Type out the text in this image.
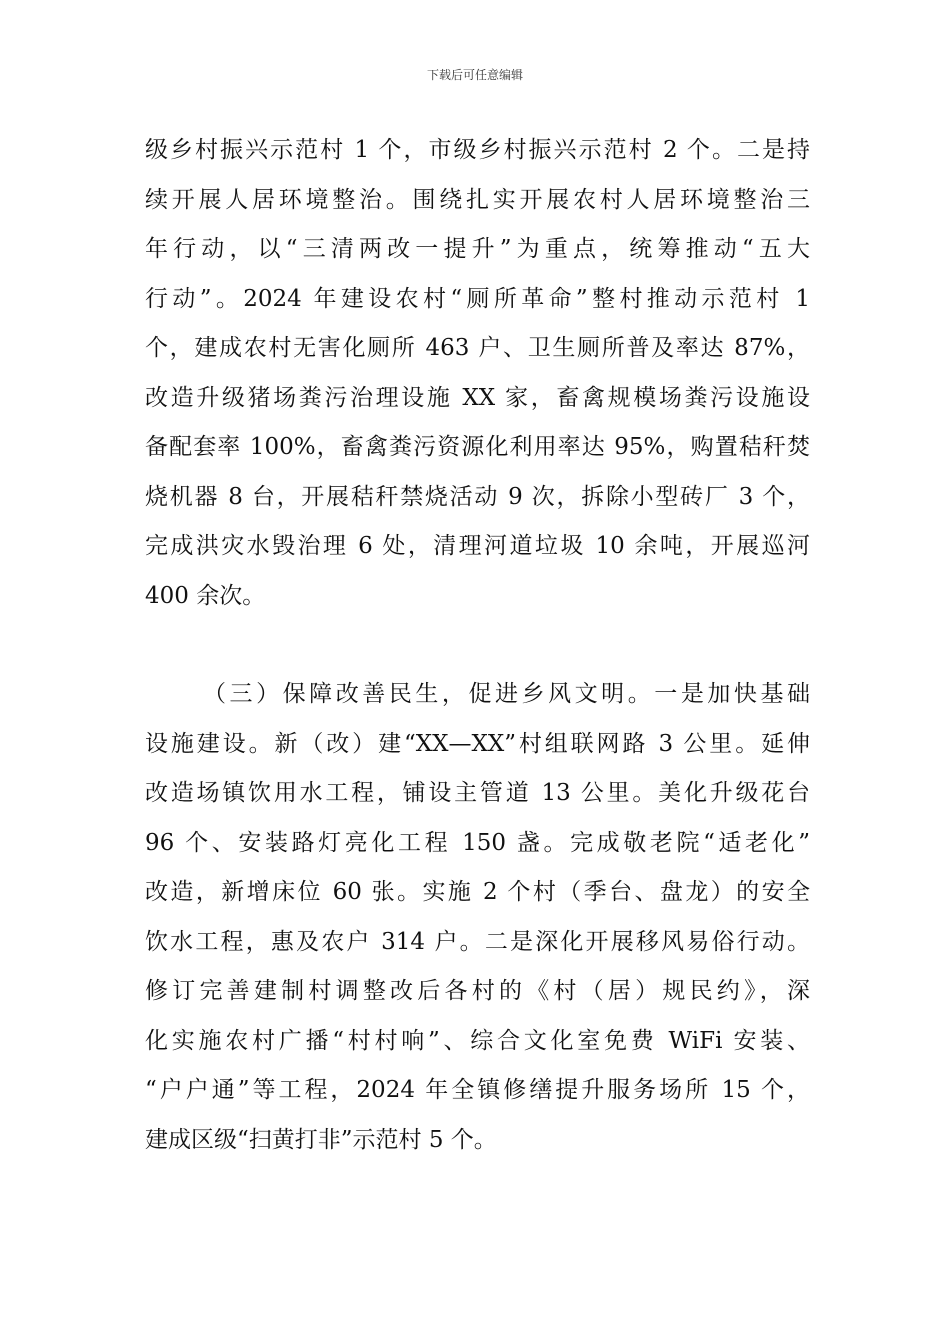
下载后可任意编辑
级乡村振兴示范村 1 个，市级乡村振兴示范村 2 个。二是持
续开展人居环境整治。围绕扎实开展农村人居环境整治三
年行动，以“三清两改一提升”为重点，统筹推动“五大
行动”。2024 年建设农村“厕所革命”整村推动示范村 1
个，建成农村无害化厕所 463 户、卫生厕所普及率达 87%，
改造升级猪场粪污治理设施 XX 家，畜禽规模场粪污设施设
备配套率 100%，畜禽粪污资源化利用率达 95%，购置秸秆焚
烧机器 8 台，开展秸秆禁烧活动 9 次，拆除小型砖厂 3 个，
完成洪灾水毁治理 6 处，清理河道垃圾 10 余吨，开展巡河
400 余次。
（三）保障改善民生，促进乡风文明。一是加快基础
设施建设。新（改）建“XX—XX”村组联网路 3 公里。延伸
改造场镇饮用水工程，铺设主管道 13 公里。美化升级花台
96 个、安装路灯亮化工程 150 盏。完成敬老院“适老化”
改造，新增床位 60 张。实施 2 个村（季台、盘龙）的安全
饮水工程，惠及农户 314 户。二是深化开展移风易俗行动。
修订完善建制村调整改后各村的《村（居）规民约》，深
化实施农村广播“村村响”、综合文化室免费 WiFi 安装、
“户户通”等工程，2024 年全镇修缮提升服务场所 15 个，
建成区级“扫黄打非”示范村 5 个。
